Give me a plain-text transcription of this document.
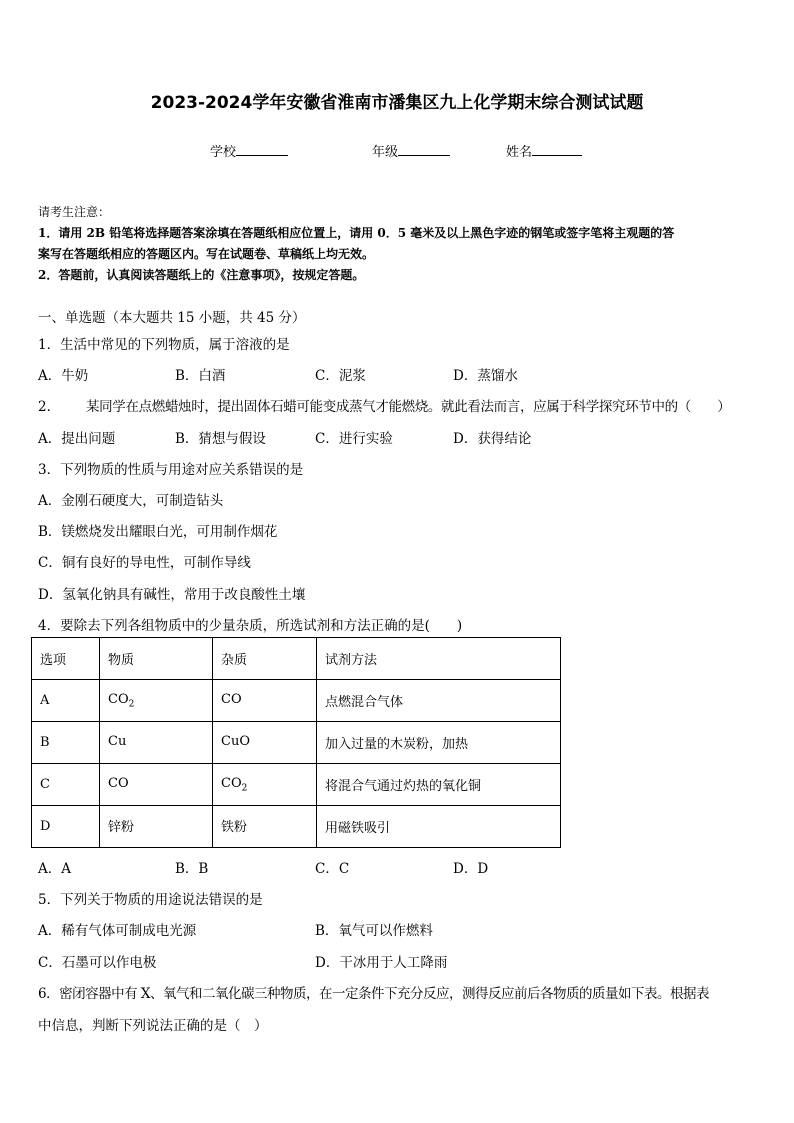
2023-2024学年安徽省淮南市潘集区九上化学期末综合测试试题
学校	年级	姓名
请考生注意：
1．请用 2B 铅笔将选择题答案涂填在答题纸相应位置上，请用 0．5 毫米及以上黑色字迹的钢笔或签字笔将主观题的答
案写在答题纸相应的答题区内。写在试题卷、草稿纸上均无效。
2．答题前，认真阅读答题纸上的《注意事项》，按规定答题。
一、单选题（本大题共 15 小题，共 45 分）
1．生活中常见的下列物质，属于溶液的是
A．牛奶	B．白酒	C．泥浆	D．蒸馏水
2． 某同学在点燃蜡烛时，提出固体石蜡可能变成蒸气才能燃烧。就此看法而言，应属于科学探究环节中的（　　）
A．提出问题	B．猜想与假设	C．进行实验	D．获得结论
3．下列物质的性质与用途对应关系错误的是
A．金刚石硬度大，可制造钻头
B．镁燃烧发出耀眼白光，可用制作烟花
C．铜有良好的导电性，可制作导线
D．氢氧化钠具有碱性，常用于改良酸性土壤
4．要除去下列各组物质中的少量杂质，所选试剂和方法正确的是(　　)
选项	物质	杂质	试剂方法
A	$CO_2$	CO	点燃混合气体
B	Cu	CuO	加入过量的木炭粉，加热
C	CO	$CO_2$	将混合气通过灼热的氧化铜
D	锌粉	铁粉	用磁铁吸引
A．A	B．B	C．C	D．D
5．下列关于物质的用途说法错误的是
A．稀有气体可制成电光源	B．氧气可以作燃料
C．石墨可以作电极	D．干冰用于人工降雨
6．密闭容器中有 X、氧气和二氧化碳三种物质，在一定条件下充分反应，测得反应前后各物质的质量如下表。根据表
中信息，判断下列说法正确的是（　）
